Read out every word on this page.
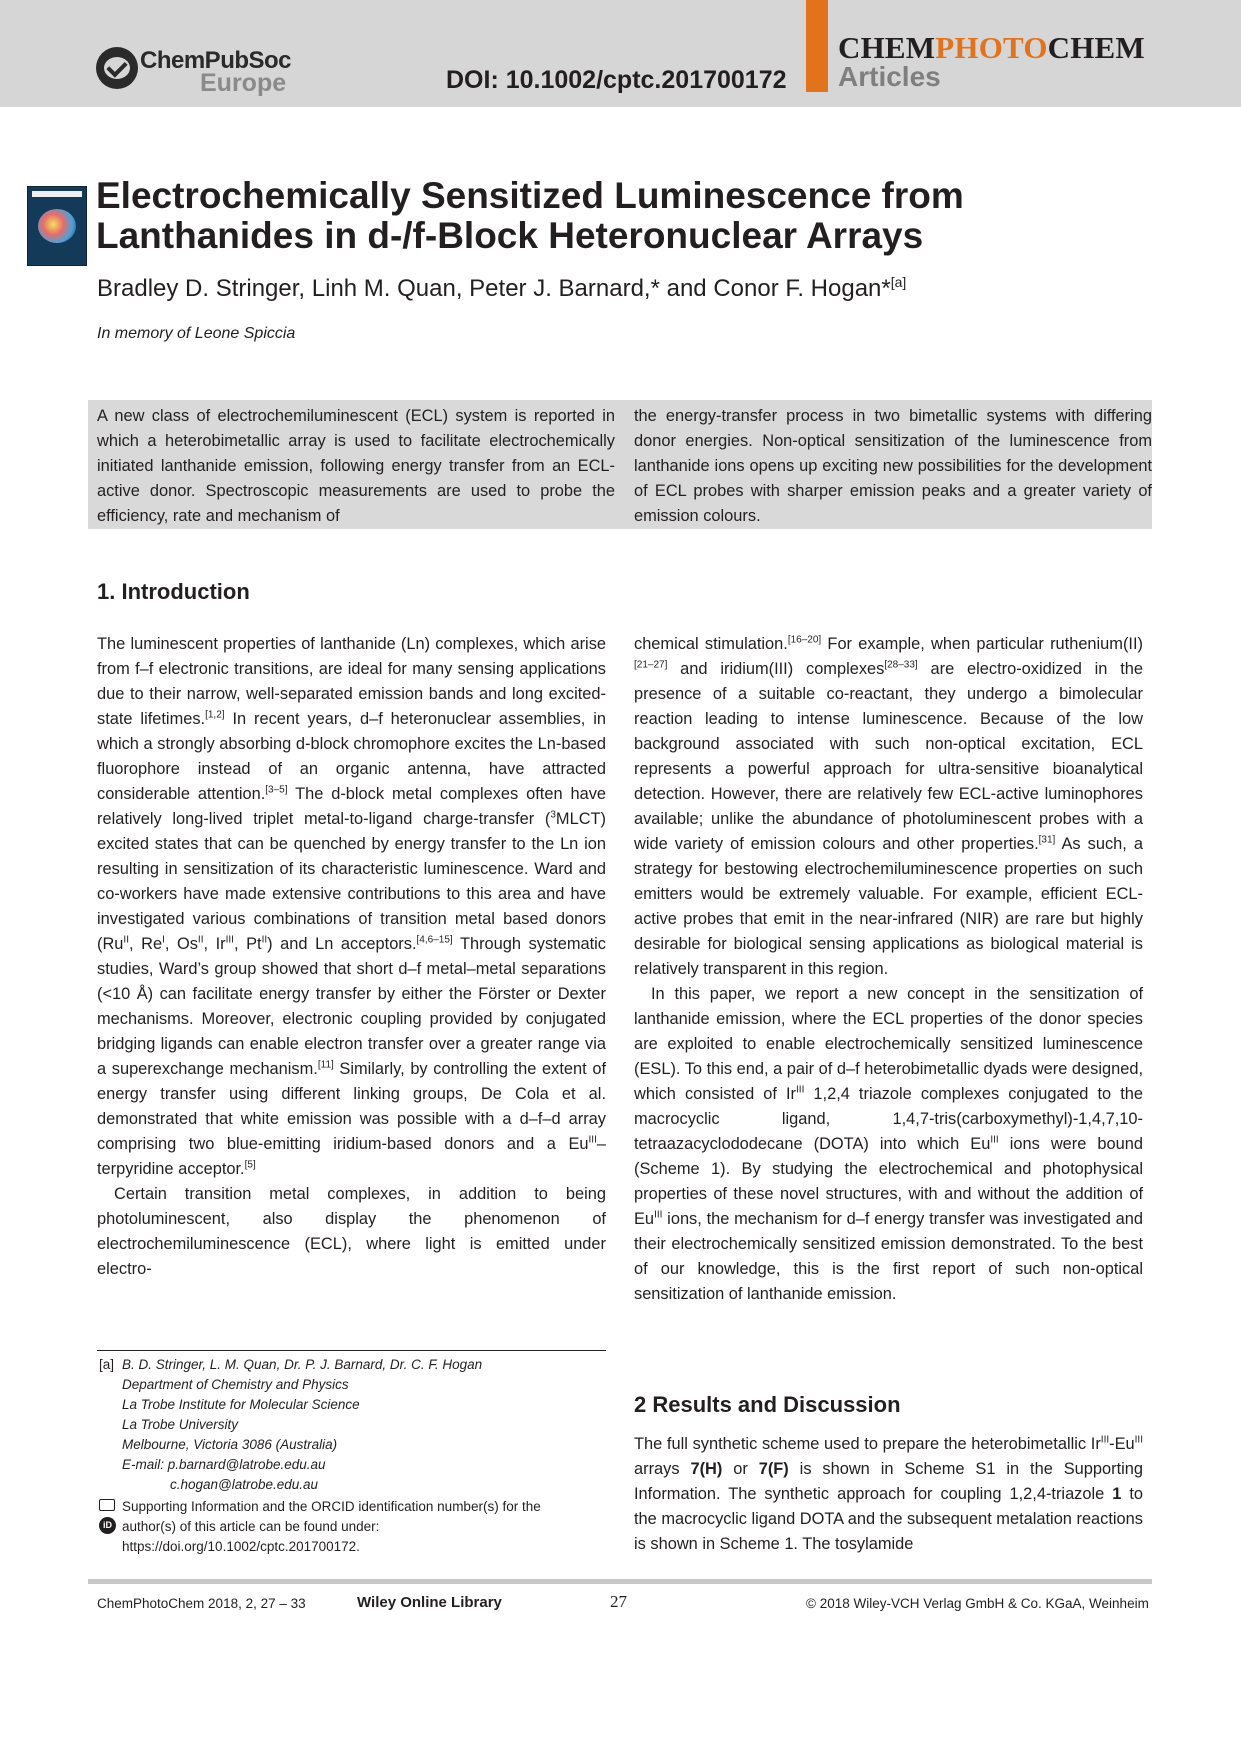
ChemPubSoc
Europe	DOI: 10.1002/cptc.201700172
CHEMPHOTOCHEM
Articles
Electrochemically Sensitized Luminescence from
Lanthanides in d-/f-Block Heteronuclear Arrays
Bradley D. Stringer, Linh M. Quan, Peter J. Barnard,* and Conor F. Hogan*[a]
In memory of Leone Spiccia
A new class of electrochemiluminescent (ECL) system is reported in which a heterobimetallic array is used to facilitate electrochemically initiated lanthanide emission, following energy transfer from an ECL-active donor. Spectroscopic measurements are used to probe the efficiency, rate and mechanism of
the energy-transfer process in two bimetallic systems with differing donor energies. Non-optical sensitization of the luminescence from lanthanide ions opens up exciting new possibilities for the development of ECL probes with sharper emission peaks and a greater variety of emission colours.
1. Introduction

The luminescent properties of lanthanide (Ln) complexes, which arise from f–f electronic transitions, are ideal for many sensing applications due to their narrow, well-separated emission bands and long excited-state lifetimes.[1,2] In recent years, d–f heteronuclear assemblies, in which a strongly absorbing d-block chromophore excites the Ln-based fluorophore instead of an organic antenna, have attracted considerable attention.[3–5] The d-block metal complexes often have relatively long-lived triplet metal-to-ligand charge-transfer ($^3$MLCT) excited states that can be quenched by energy transfer to the Ln ion resulting in sensitization of its characteristic luminescence. Ward and co-workers have made extensive contributions to this area and have investigated various combinations of transition metal based donors ($Ru^{II}$, $Re^I$, $Os^{II}$, $Ir^{III}$, $Pt^{II}$) and Ln acceptors.[4,6–15] Through systematic studies, Ward’s group showed that short d–f metal–metal separations (<10 Å) can facilitate energy transfer by either the Förster or Dexter mechanisms. Moreover, electronic coupling provided by conjugated bridging ligands can enable electron transfer over a greater range via a superexchange mechanism.[11] Similarly, by controlling the extent of energy transfer using different linking groups, De Cola et al. demonstrated that white emission was possible with a d–f–d array comprising two blue-emitting iridium-based donors and a $Eu^{III}$–terpyridine acceptor.[5]

Certain transition metal complexes, in addition to being photoluminescent, also display the phenomenon of electrochemiluminescence (ECL), where light is emitted under electro-

chemical stimulation.[16–20] For example, when particular ruthenium(II)[21–27] and iridium(III) complexes[28–33] are electro-oxidized in the presence of a suitable co-reactant, they undergo a bimolecular reaction leading to intense luminescence. Because of the low background associated with such non-optical excitation, ECL represents a powerful approach for ultra-sensitive bioanalytical detection. However, there are relatively few ECL-active luminophores available; unlike the abundance of photoluminescent probes with a wide variety of emission colours and other properties.[31] As such, a strategy for bestowing electrochemiluminescence properties on such emitters would be extremely valuable. For example, efficient ECL-active probes that emit in the near-infrared (NIR) are rare but highly desirable for biological sensing applications as biological material is relatively transparent in this region.

In this paper, we report a new concept in the sensitization of lanthanide emission, where the ECL properties of the donor species are exploited to enable electrochemically sensitized luminescence (ESL). To this end, a pair of d–f heterobimetallic dyads were designed, which consisted of $Ir^{III}$ 1,2,4 triazole complexes conjugated to the macrocyclic ligand, 1,4,7-tris(carboxymethyl)-1,4,7,10-tetraazacyclododecane (DOTA) into which $Eu^{III}$ ions were bound (Scheme 1). By studying the electrochemical and photophysical properties of these novel structures, with and without the addition of $Eu^{III}$ ions, the mechanism for d–f energy transfer was investigated and their electrochemically sensitized emission demonstrated. To the best of our knowledge, this is the first report of such non-optical sensitization of lanthanide emission.

2 Results and Discussion

The full synthetic scheme used to prepare the heterobimetallic $Ir^{III}-Eu^{III}$ arrays 7(H) or 7(F) is shown in Scheme S1 in the Supporting Information. The synthetic approach for coupling 1,2,4-triazole 1 to the macrocyclic ligand DOTA and the subsequent metalation reactions is shown in Scheme 1. The tosylamide

[a] B. D. Stringer, L. M. Quan, Dr. P. J. Barnard, Dr. C. F. Hogan
Department of Chemistry and Physics
La Trobe Institute for Molecular Science
La Trobe University
Melbourne, Victoria 3086 (Australia)
E-mail: p.barnard@latrobe.edu.au
c.hogan@latrobe.edu.au
iD
Supporting Information and the ORCID identification number(s) for the
author(s) of this article can be found under:
https://doi.org/10.1002/cptc.201700172.
ChemPhotoChem 2018, 2, 27 – 33	Wiley Online Library	27	© 2018 Wiley-VCH Verlag GmbH & Co. KGaA, Weinheim
